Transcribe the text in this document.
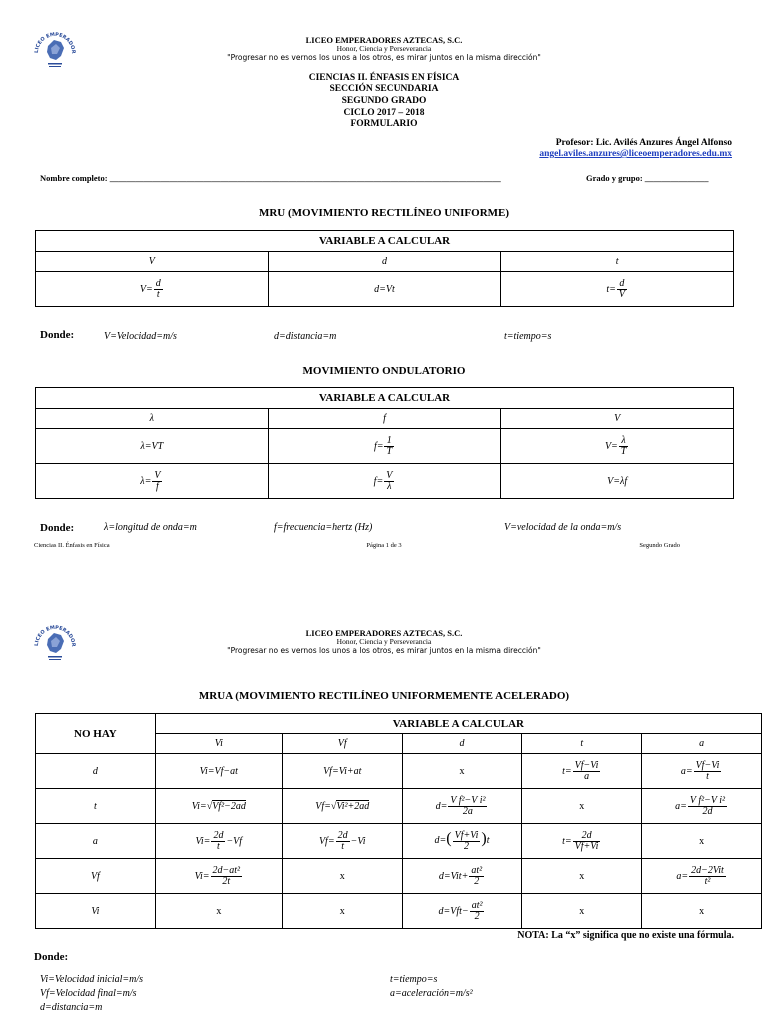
LICEO EMPERADOR
LICEO EMPERADORES AZTECAS, S.C.
Honor, Ciencia y Perseverancia
"Progresar no es vernos los unos a los otros, es mirar juntos en la misma dirección"
CIENCIAS II. ÉNFASIS EN FÍSICA
SECCIÓN SECUNDARIA
SEGUNDO GRADO
CICLO 2017 – 2018
FORMULARIO
Profesor: Lic. Avilés Anzures Ángel Alfonso
angel.aviles.anzures@liceoemperadores.edu.mx
Nombre completo: ____________________________________________________________________________________________	Grado y grupo: _______________
MRU (MOVIMIENTO RECTILÍNEO UNIFORME)
VARIABLE A CALCULAR		
V	d	t
$V= \frac{d}{t}$	d=Vt	$t= \frac{d}{V}$
Donde:	V=Velocidad=m/s	d=distancia=m	t=tiempo=s
MOVIMIENTO ONDULATORIO
VARIABLE A CALCULAR		
λ	f	V
λ=VT	$f= \frac{1}{T}$	$V= \frac{\lambda}{T}$

$\lambda= \frac{V}{f}$	$f= \frac{V}{\lambda}$	V=λf
Donde:	λ=longitud de onda=m	f=frecuencia=hertz (Hz)	V=velocidad de la onda=m/s
Ciencias II. Énfasis en Física	Página 1 de 3	Segundo Grado
LICEO EMPERADOR
LICEO EMPERADORES AZTECAS, S.C.
Honor, Ciencia y Perseverancia
"Progresar no es vernos los unos a los otros, es mirar juntos en la misma dirección"
MRUA (MOVIMIENTO RECTILÍNEO UNIFORMEMENTE ACELERADO)
NO HAY	VARIABLE A CALCULAR				
	Vi	Vf	d	t	a
d	Vi=Vf−at	Vf=Vi+at	x	$t= \frac{Vf-Vi}{a}$	$a= \frac{Vf-Vi}{t}$

t	Vi=√Vf²−2ad	Vf=√Vi²+2ad	$d= \frac{\text{V f²−V i²}}{2a}$	x	$a= \frac{\text{V f²−V i²}}{2d}$

a	$Vi= \frac{2d}{t} -Vf$	$Vf= \frac{2d}{t} -Vi$	$d=( \frac{Vf+Vi}{2} )t$	$t= \frac{2d}{Vf+Vi}$	x
Vf	$Vi= \frac{\text{2d−at²}}{2t}$	x	$d=Vit+ \frac{\text{at²}}{2}$	x	$a= \frac{\text{2d−2Vit}}{\text{t²}}$

Vi	x	x	$d=Vft- \frac{\text{at²}}{2}$	x	x
NOTA: La “x” significa que no existe una fórmula.
Donde:
Vi=Velocidad inicial=m/s
Vf=Velocidad final=m/s
d=distancia=m
t=tiempo=s
a=aceleración=m/s²
